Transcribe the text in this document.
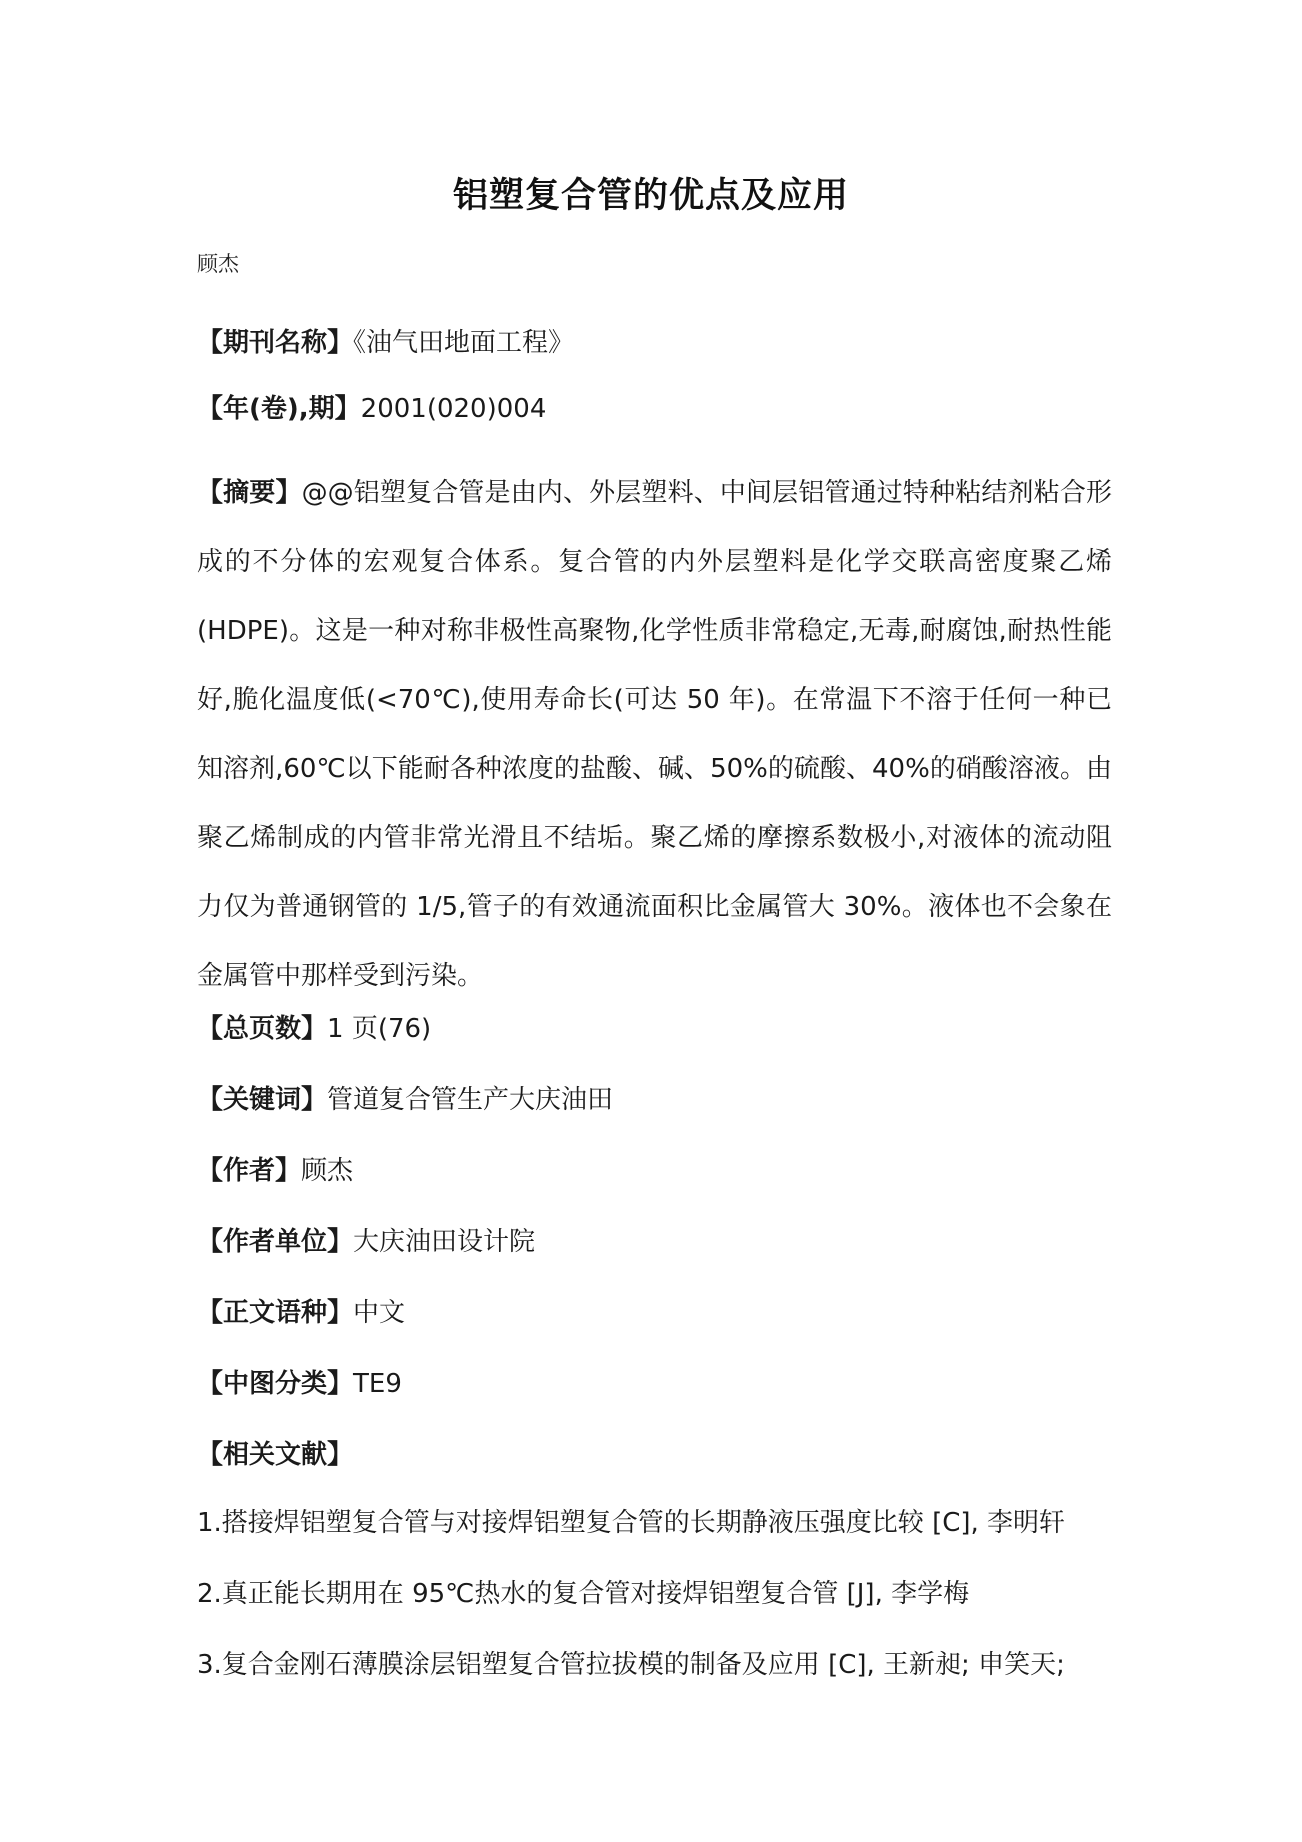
铝塑复合管的优点及应用
顾杰
【期刊名称】《油气田地面工程》
【年(卷),期】2001(020)004
【摘要】@@铝塑复合管是由内、外层塑料、中间层铝管通过特种粘结剂粘合形成的不分体的宏观复合体系。复合管的内外层塑料是化学交联高密度聚乙烯(HDPE)。这是一种对称非极性高聚物,化学性质非常稳定,无毒,耐腐蚀,耐热性能好,脆化温度低(<70℃),使用寿命长(可达 50 年)。在常温下不溶于任何一种已知溶剂,60℃以下能耐各种浓度的盐酸、碱、50%的硫酸、40%的硝酸溶液。由聚乙烯制成的内管非常光滑且不结垢。聚乙烯的摩擦系数极小,对液体的流动阻力仅为普通钢管的 1/5,管子的有效通流面积比金属管大 30%。液体也不会象在金属管中那样受到污染。
【总页数】1 页(76)
【关键词】管道复合管生产大庆油田
【作者】顾杰
【作者单位】大庆油田设计院
【正文语种】中文
【中图分类】TE9
【相关文献】
1.搭接焊铝塑复合管与对接焊铝塑复合管的长期静液压强度比较 [C], 李明轩
2.真正能长期用在 95℃热水的复合管对接焊铝塑复合管 [J], 李学梅
3.复合金刚石薄膜涂层铝塑复合管拉拔模的制备及应用 [C], 王新昶; 申笑天;
